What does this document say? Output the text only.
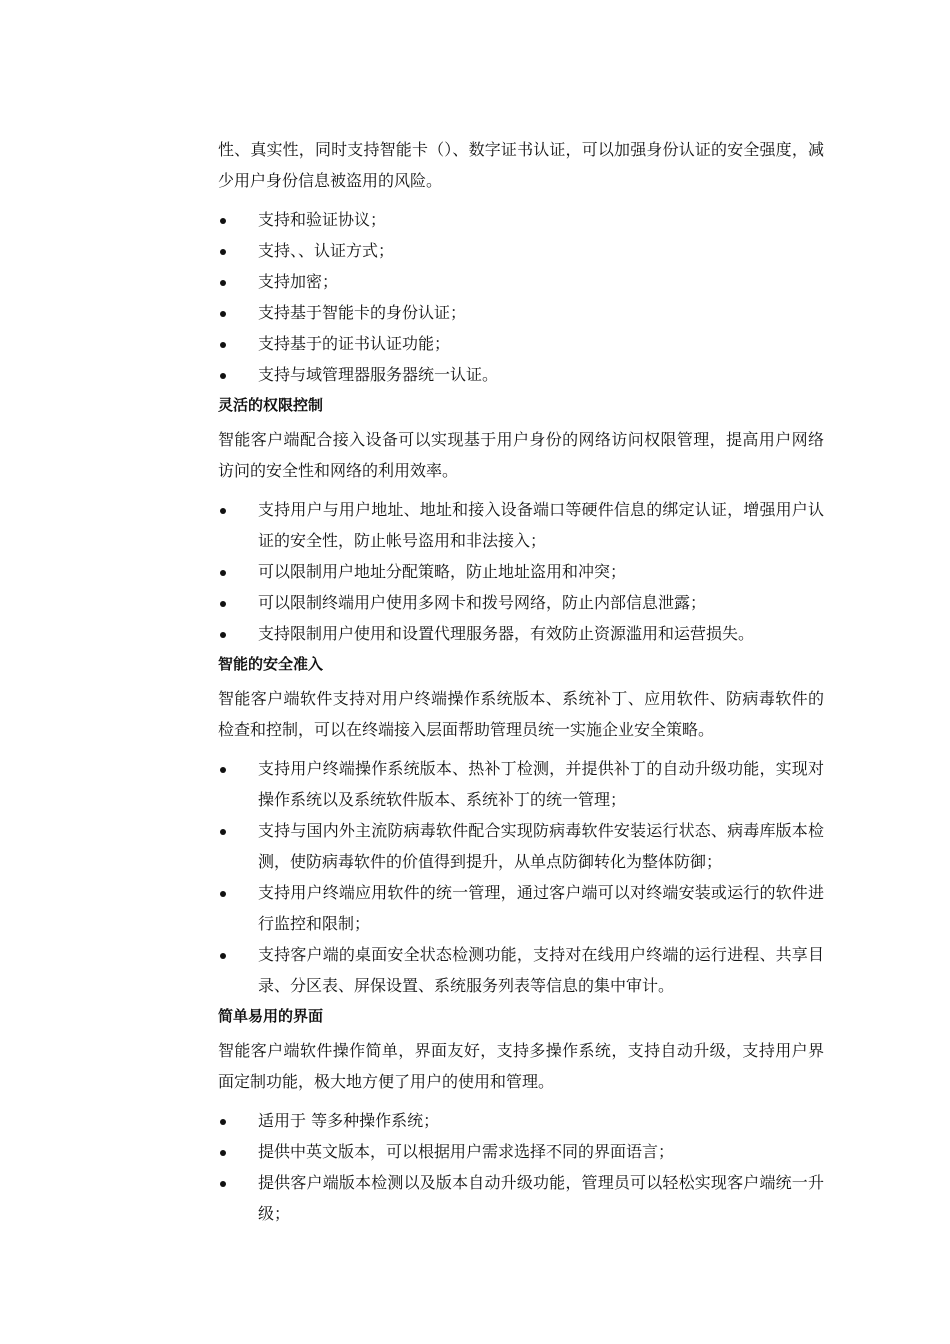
性、真实性，同时支持智能卡（）、数字证书认证，可以加强身份认证的安全强度，减少用户身份信息被盗用的风险。

支持和验证协议；
支持、、认证方式；
支持加密；
支持基于智能卡的身份认证；
支持基于的证书认证功能；
支持与域管理器服务器统一认证。
灵活的权限控制

智能客户端配合接入设备可以实现基于用户身份的网络访问权限管理，提高用户网络访问的安全性和网络的利用效率。

支持用户与用户地址、地址和接入设备端口等硬件信息的绑定认证，增强用户认证的安全性，防止帐号盗用和非法接入；
可以限制用户地址分配策略，防止地址盗用和冲突；
可以限制终端用户使用多网卡和拨号网络，防止内部信息泄露；
支持限制用户使用和设置代理服务器，有效防止资源滥用和运营损失。
智能的安全准入

智能客户端软件支持对用户终端操作系统版本、系统补丁、应用软件、防病毒软件的检查和控制，可以在终端接入层面帮助管理员统一实施企业安全策略。

支持用户终端操作系统版本、热补丁检测，并提供补丁的自动升级功能，实现对操作系统以及系统软件版本、系统补丁的统一管理；
支持与国内外主流防病毒软件配合实现防病毒软件安装运行状态、病毒库版本检测，使防病毒软件的价值得到提升，从单点防御转化为整体防御；
支持用户终端应用软件的统一管理，通过客户端可以对终端安装或运行的软件进行监控和限制；
支持客户端的桌面安全状态检测功能，支持对在线用户终端的运行进程、共享目录、分区表、屏保设置、系统服务列表等信息的集中审计。
简单易用的界面

智能客户端软件操作简单，界面友好，支持多操作系统，支持自动升级，支持用户界面定制功能，极大地方便了用户的使用和管理。

适用于 等多种操作系统；
提供中英文版本，可以根据用户需求选择不同的界面语言；
提供客户端版本检测以及版本自动升级功能，管理员可以轻松实现客户端统一升级；
